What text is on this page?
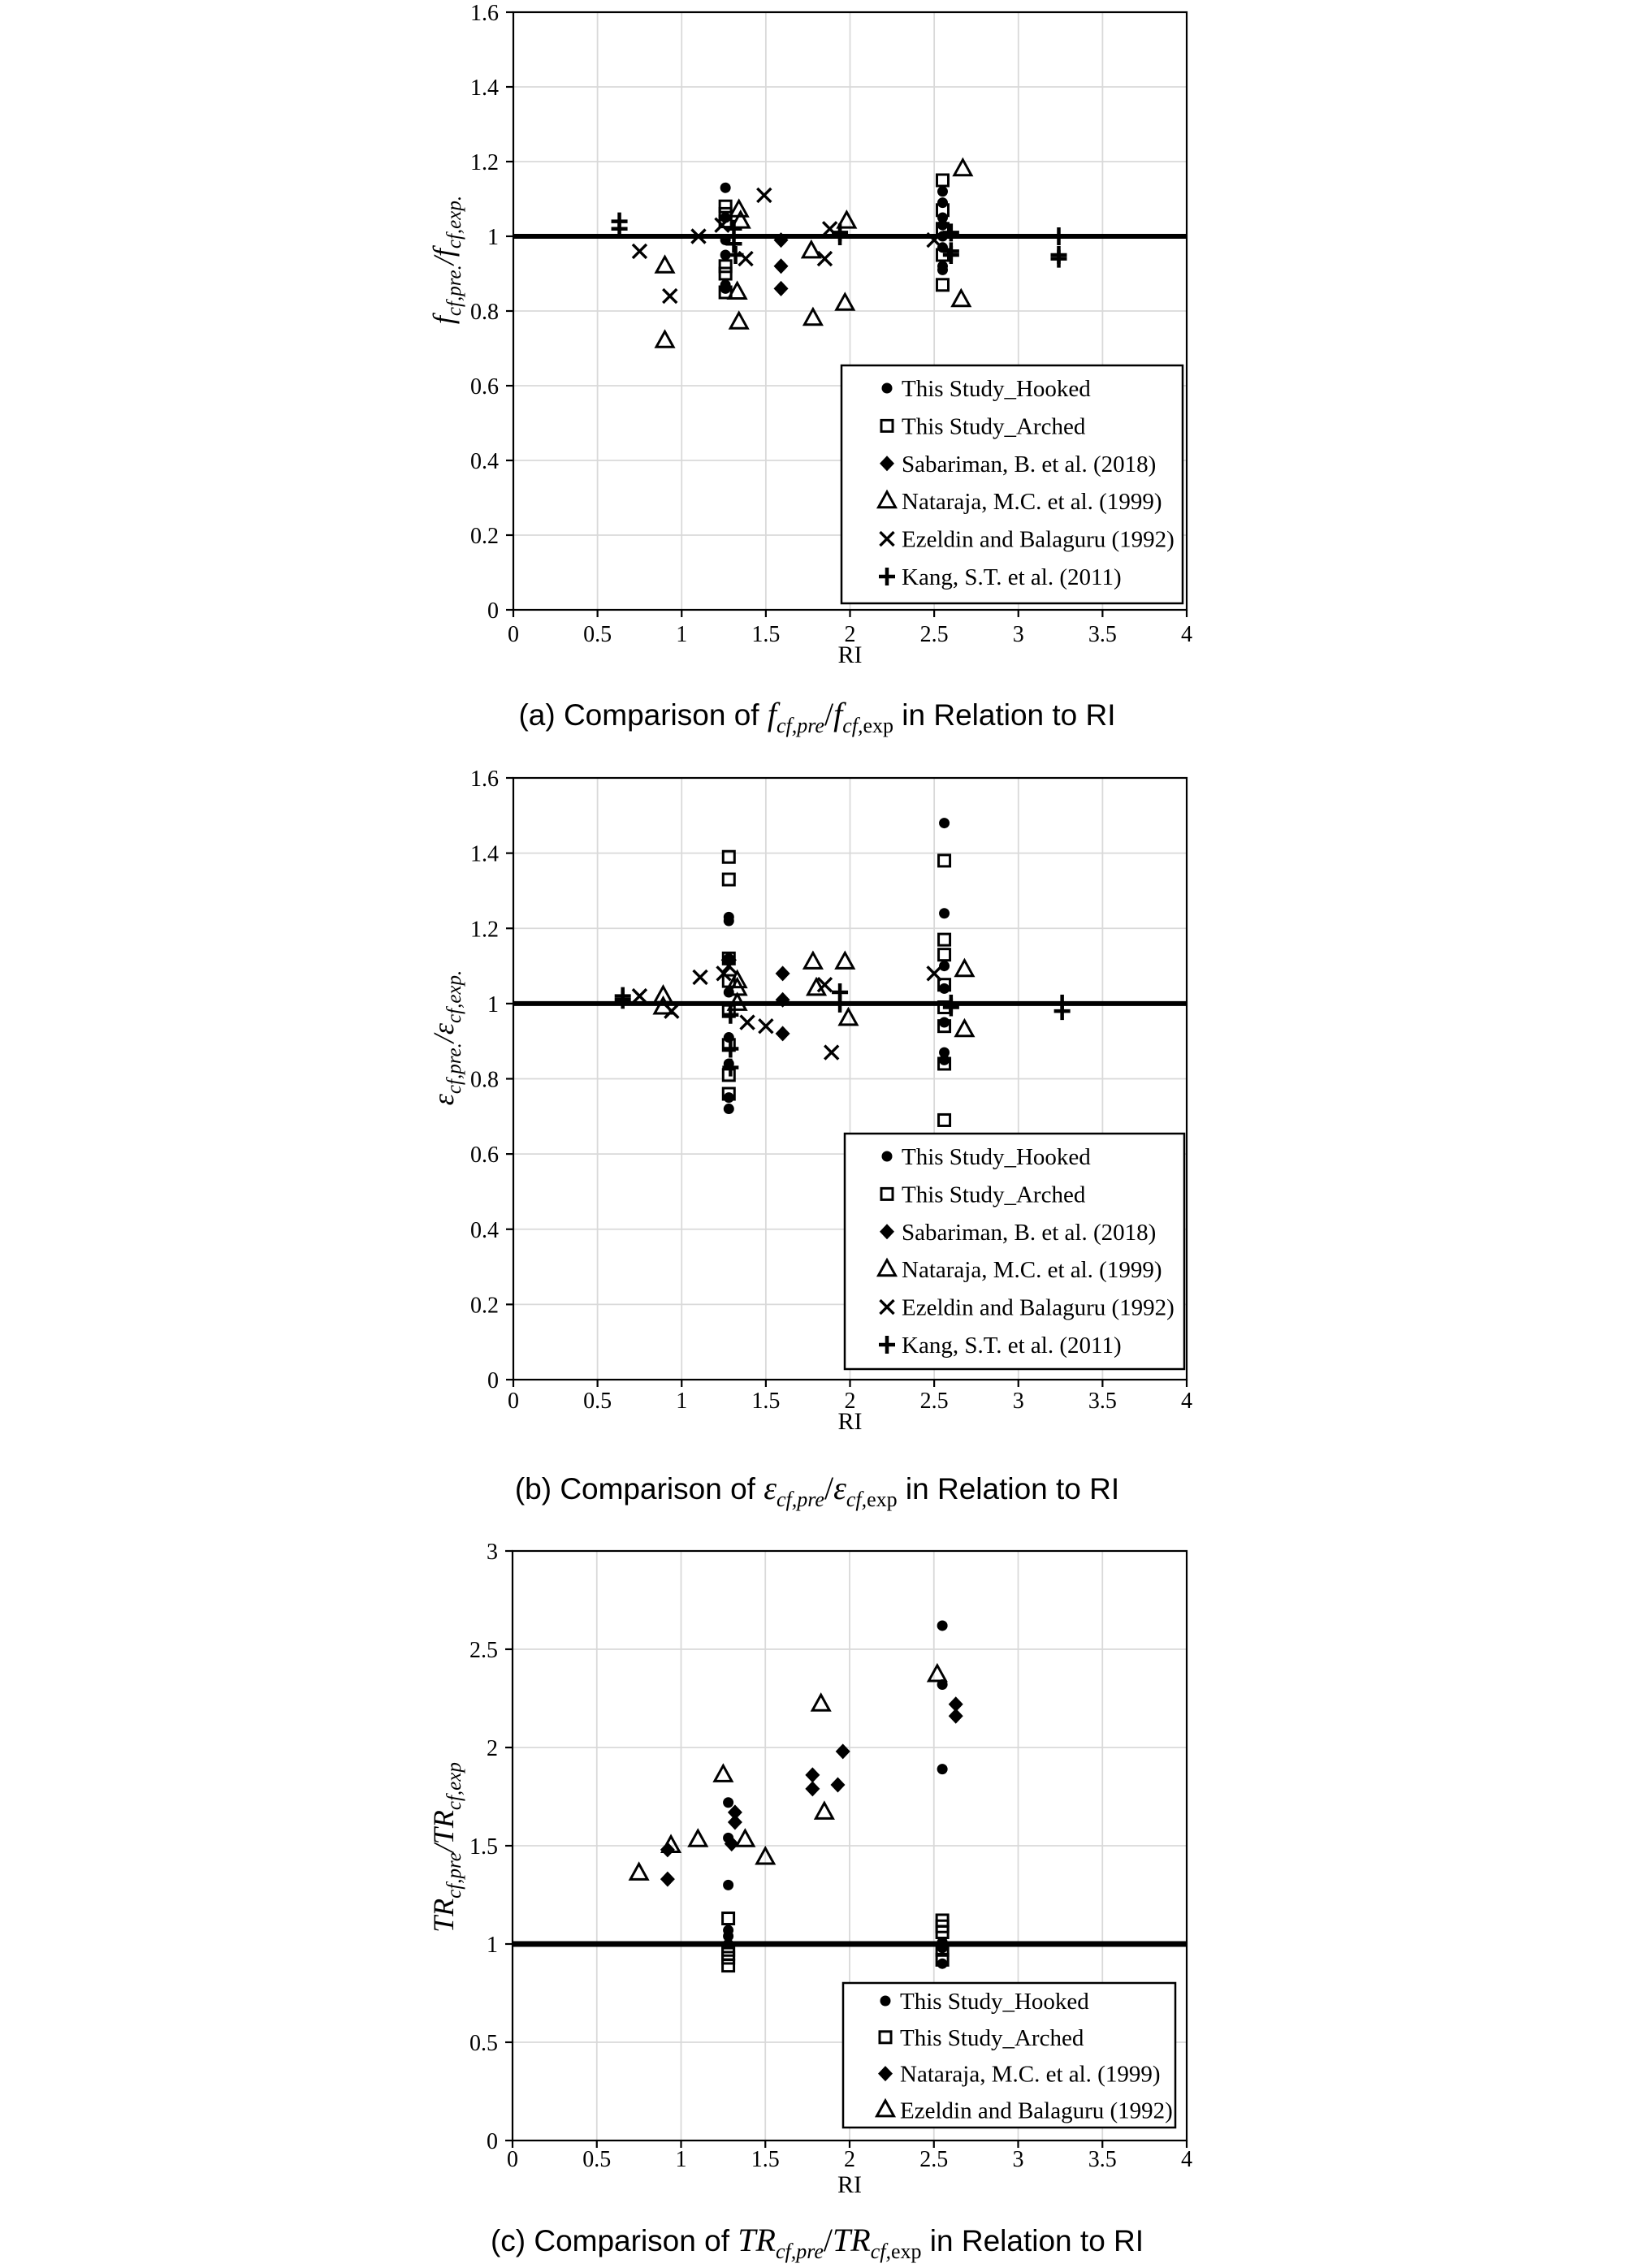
0	0.5	1	1.5	2	2.5	3	3.5	4
0
0.2
0.4
0.6
0.8
1
1.2
1.4
1.6
RI
fcf,pre./fcf,exp.
This Study_Hooked
This Study_Arched
Sabariman, B. et al. (2018)
Nataraja, M.C. et al. (1999)
Ezeldin and Balaguru (1992)
Kang, S.T. et al. (2011)
(a) Comparison of fcf,pre/fcf,exp in Relation to RI
0	0.5	1	1.5	2	2.5	3	3.5	4
0
0.2
0.4
0.6
0.8
1
1.2
1.4
1.6
RI
εcf,pre./εcf,exp.
This Study_Hooked
This Study_Arched
Sabariman, B. et al. (2018)
Nataraja, M.C. et al. (1999)
Ezeldin and Balaguru (1992)
Kang, S.T. et al. (2011)
(b) Comparison of εcf,pre/εcf,exp in Relation to RI
0	0.5	1	1.5	2	2.5	3	3.5	4
0
0.5
1
1.5
2
2.5
3
RI
TRcf,pre/TRcf,exp
This Study_Hooked
This Study_Arched
Nataraja, M.C. et al. (1999)
Ezeldin and Balaguru (1992)
(c) Comparison of TRcf,pre/TRcf,exp in Relation to RI
